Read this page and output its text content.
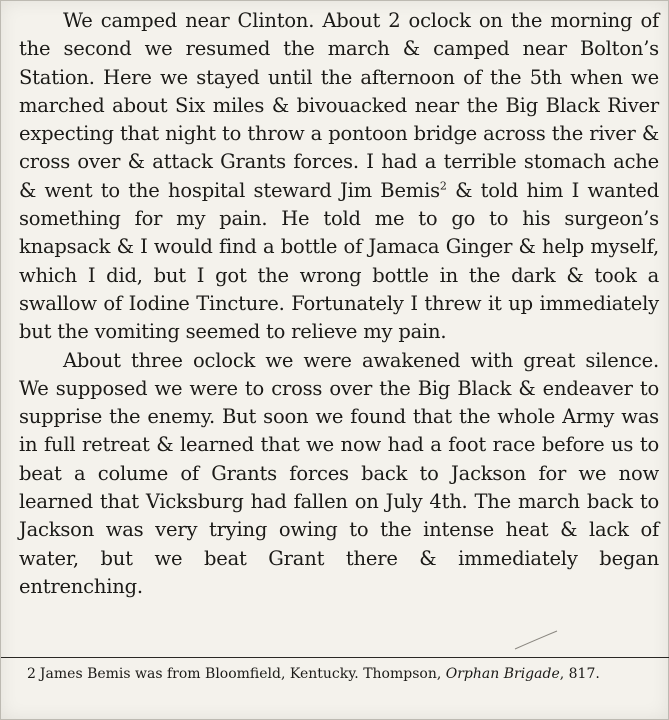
We camped near Clinton. About 2 oclock on the morning of the second we resumed the march & camped near Bolton’s Station. Here we stayed until the afternoon of the 5th when we marched about Six miles & bivouacked near the Big Black River expecting that night to throw a pontoon bridge across the river & cross over & attack Grants forces. I had a terrible stomach ache & went to the hospital steward Jim Bemis$^2$ & told him I wanted something for my pain. He told me to go to his surgeon’s knapsack & I would find a bottle of Jamaca Ginger & help myself, which I did, but I got the wrong bottle in the dark & took a swallow of Iodine Tincture. Fortunately I threw it up immediately but the vomiting seemed to relieve my pain.

About three oclock we were awakened with great silence. We supposed we were to cross over the Big Black & endeaver to supprise the enemy. But soon we found that the whole Army was in full retreat & learned that we now had a foot race before us to beat a colume of Grants forces back to Jackson for we now learned that Vicksburg had fallen on July 4th. The march back to Jackson was very trying owing to the intense heat & lack of water, but we beat Grant there & immediately began entrenching.

2 James Bemis was from Bloomfield, Kentucky. Thompson, Orphan Brigade, 817.
